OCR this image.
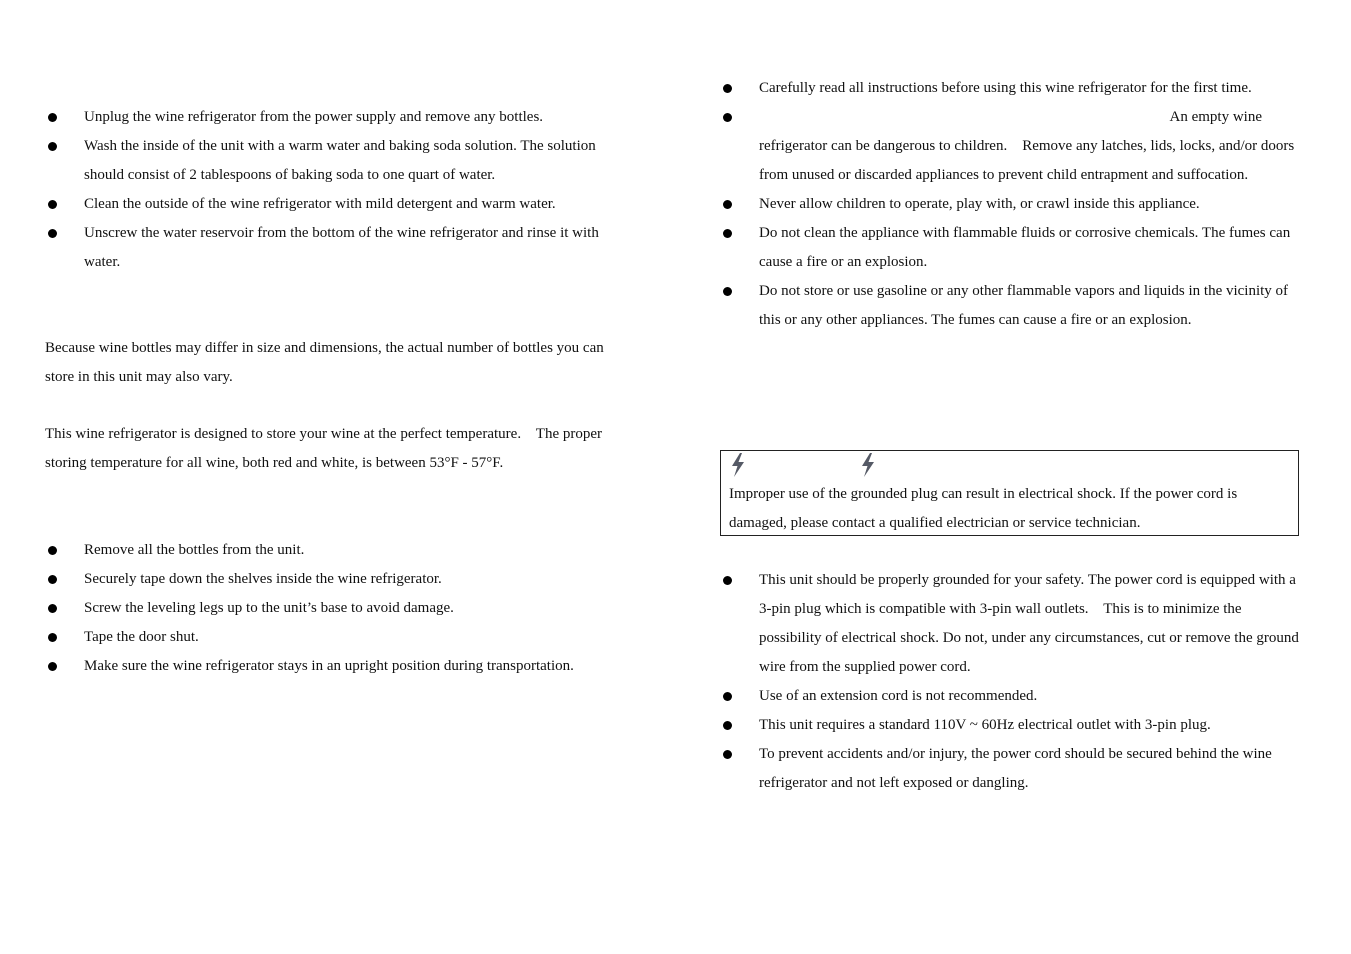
Unplug the wine refrigerator from the power supply and remove any bottles.
Wash the inside of the unit with a warm water and baking soda solution. The solution should consist of 2 tablespoons of baking soda to one quart of water.
Clean the outside of the wine refrigerator with mild detergent and warm water.
Unscrew the water reservoir from the bottom of the wine refrigerator and rinse it with water.

Because wine bottles may differ in size and dimensions, the actual number of bottles you can store in this unit may also vary.

This wine refrigerator is designed to store your wine at the perfect temperature.    The proper storing temperature for all wine, both red and white, is between 53°F - 57°F.

Remove all the bottles from the unit.
Securely tape down the shelves inside the wine refrigerator.
Screw the leveling legs up to the unit’s base to avoid damage.
Tape the door shut.
Make sure the wine refrigerator stays in an upright position during transportation.
Carefully read all instructions before using this wine refrigerator for the first time.
An empty wine
refrigerator can be dangerous to children.    Remove any latches, lids, locks, and/or doors from unused or discarded appliances to prevent child entrapment and suffocation.
Never allow children to operate, play with, or crawl inside this appliance.
Do not clean the appliance with flammable fluids or corrosive chemicals. The fumes can cause a fire or an explosion.
Do not store or use gasoline or any other flammable vapors and liquids in the vicinity of this or any other appliances. The fumes can cause a fire or an explosion.

Improper use of the grounded plug can result in electrical shock. If the power cord is damaged, please contact a qualified electrician or service technician.

This unit should be properly grounded for your safety. The power cord is equipped with a 3-pin plug which is compatible with 3-pin wall outlets.    This is to minimize the possibility of electrical shock. Do not, under any circumstances, cut or remove the ground wire from the supplied power cord.
Use of an extension cord is not recommended.
This unit requires a standard 110V ~ 60Hz electrical outlet with 3-pin plug.
To prevent accidents and/or injury, the power cord should be secured behind the wine refrigerator and not left exposed or dangling.
